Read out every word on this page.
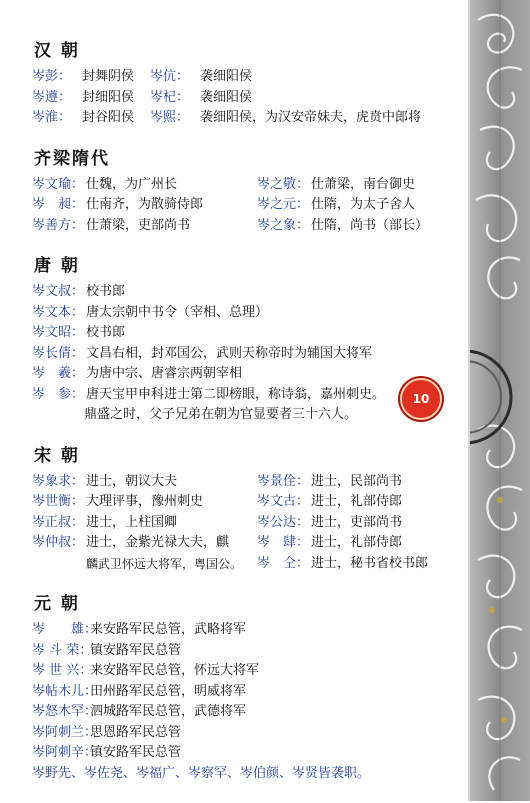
汉 朝
岑彭： 封舞阴侯 岑伉： 袭细阳侯
岑遵： 封细阳侯 岑杞： 袭细阳侯
岑淮： 封谷阳侯 岑熙： 袭细阳侯，为汉安帝妹夫，虎贲中郎将
齐梁隋代
岑文瑜： 仕魏，为广州长	岑之敬： 仕萧梁，南台御史
岑　昶： 仕南齐，为散骑侍郎	岑之元： 仕隋，为太子舍人
岑善方： 仕萧梁，吏部尚书	岑之象： 仕隋，尚书（部长）
唐 朝
岑文叔： 校书郎
岑文本： 唐太宗朝中书令（宰相、总理）
岑文昭： 校书郎
岑长倩： 文昌右相，封邓国公，武则天称帝时为辅国大将军
岑　羲： 为唐中宗、唐睿宗两朝宰相
岑　参： 唐天宝甲申科进士第二即榜眼，称诗翁，嘉州刺史。
鼎盛之时，父子兄弟在朝为官显要者三十六人。
宋 朝
岑象求： 进士，朝议大夫	岑景佺： 进士，民部尚书
岑世衡： 大理评事，豫州刺史	岑文古： 进士，礼部侍郎
岑正叔： 进士，上柱国卿	岑公达： 进士，吏部尚书
岑仲叔： 进士，金紫光禄大夫，麒 岑　肆： 进士，礼部侍郎
麟武卫怀远大将军，粤国公。 岑　仝： 进士，秘书省校书郎
元 朝
岑　　雄：
来安路军民总管，武略将军
岑 斗 荣：
镇安路军民总管
岑 世 兴：
来安路军民总管，怀远大将军
岑帖木儿：
田州路军民总管，明威将军
岑怒木罕：
泗城路军民总管，武德将军
岑阿刺兰：
思恩路军民总管
岑阿刺辛：
镇安路军民总管
岑野先、岑佐尧、岑福广、岑察罕、岑伯颜、岑贤皆袭职。
10
